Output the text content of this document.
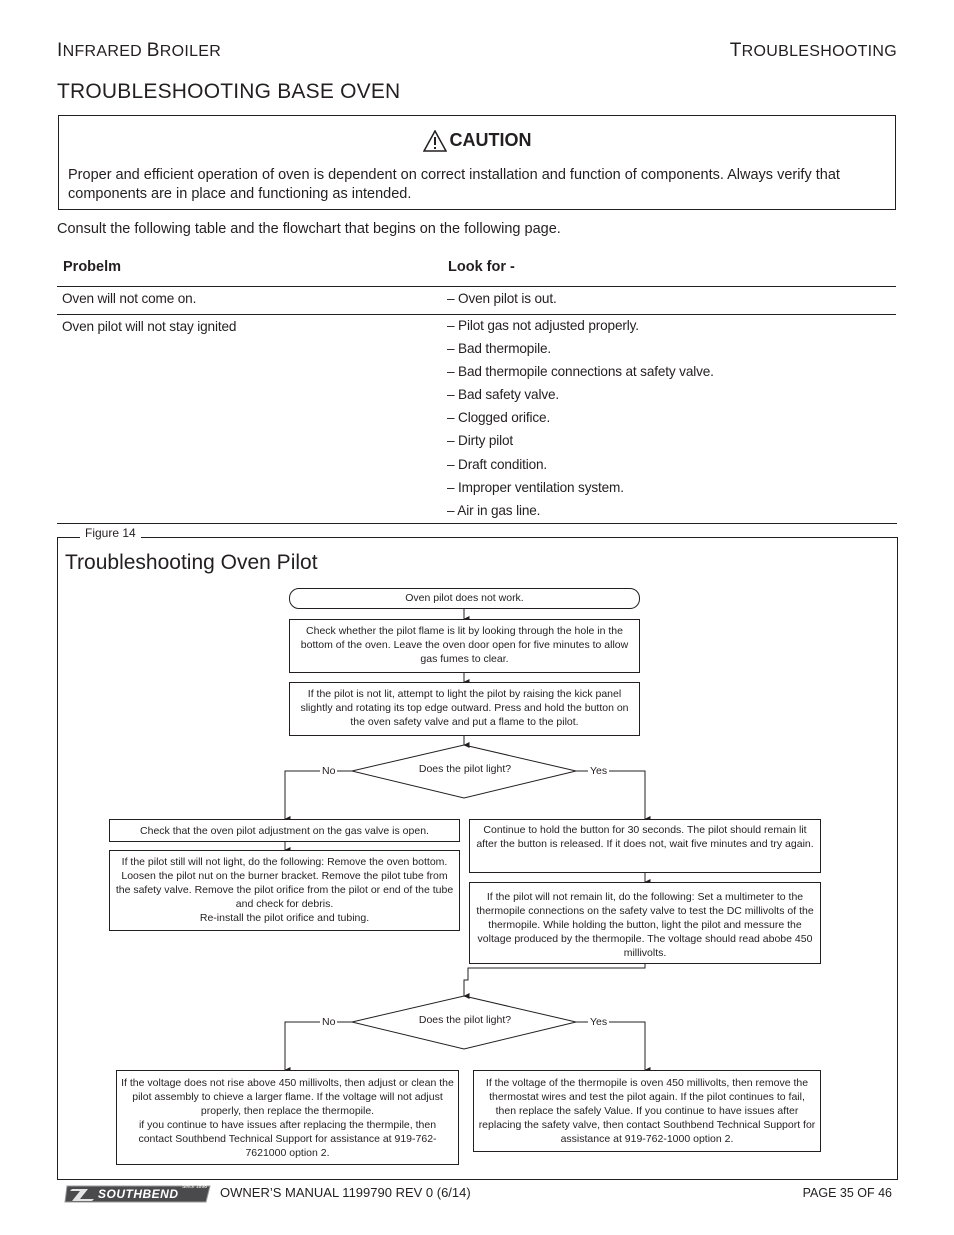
INFRARED BROILER	TROUBLESHOOTING
TROUBLESHOOTING BASE OVEN
CAUTION
Proper and efficient operation of oven is dependent on correct installation and function of components. Always verify that components are in place and functioning as intended.
Consult the following table and the flowchart that begins on the following page.
Probelm	Look for -
Oven will not come on.	– Oven pilot is out.
Oven pilot will not stay ignited	– Pilot gas not adjusted properly.
– Bad thermopile.
– Bad thermopile connections at safety valve.
– Bad safety valve.
– Clogged orifice.
– Dirty pilot
– Draft condition.
– Improper ventilation system.
– Air in gas line.
Figure 14
Troubleshooting Oven Pilot
Oven pilot does not work.
Check whether the pilot flame is lit by looking through the hole in the bottom of the oven. Leave the oven door open for five minutes to allow gas fumes to clear.
If the pilot is not lit, attempt to light the pilot by raising the kick panel slightly and rotating its top edge outward. Press and hold the button on the oven safety valve and put a flame to the pilot.
Does the pilot light?
No	Yes
Check that the oven pilot adjustment on the gas valve is open.
If the pilot still will not light, do the following: Remove the oven bottom. Loosen the pilot nut on the burner bracket. Remove the pilot tube from the safety valve. Remove the pilot orifice from the pilot or end of the tube and check for debris.
Re-install the pilot orifice and tubing.
Continue to hold the button for 30 seconds. The pilot should remain lit after the button is released. If it does not, wait five minutes and try again.
If the pilot will not remain lit, do the following: Set a multimeter to the thermopile connections on the safety valve to test the DC millivolts of the thermopile. While holding the button, light the pilot and messure the voltage produced by the thermopile. The voltage should read abobe 450 millivolts.
Does the pilot light?
No	Yes
If the voltage does not rise above 450 millivolts, then adjust or clean the pilot assembly to chieve a larger flame. If the voltage will not adjust properly, then replace the thermopile.
if you continue to have issues after replacing the thermpile, then contact Southbend Technical Support for assistance at 919-762-7621000 option 2.
If the voltage of the thermopile is oven 450 millivolts, then remove the thermostat wires and test the pilot again. If the pilot continues to fail, then replace the safely Value. If you continue to have issues after replacing the safety valve, then contact Southbend Technical Support for assistance at 919-762-1000 option 2.
SOUTHBEND Since 1898 OWNER’S MANUAL 1199790 REV 0 (6/14)	PAGE 35 OF 46
